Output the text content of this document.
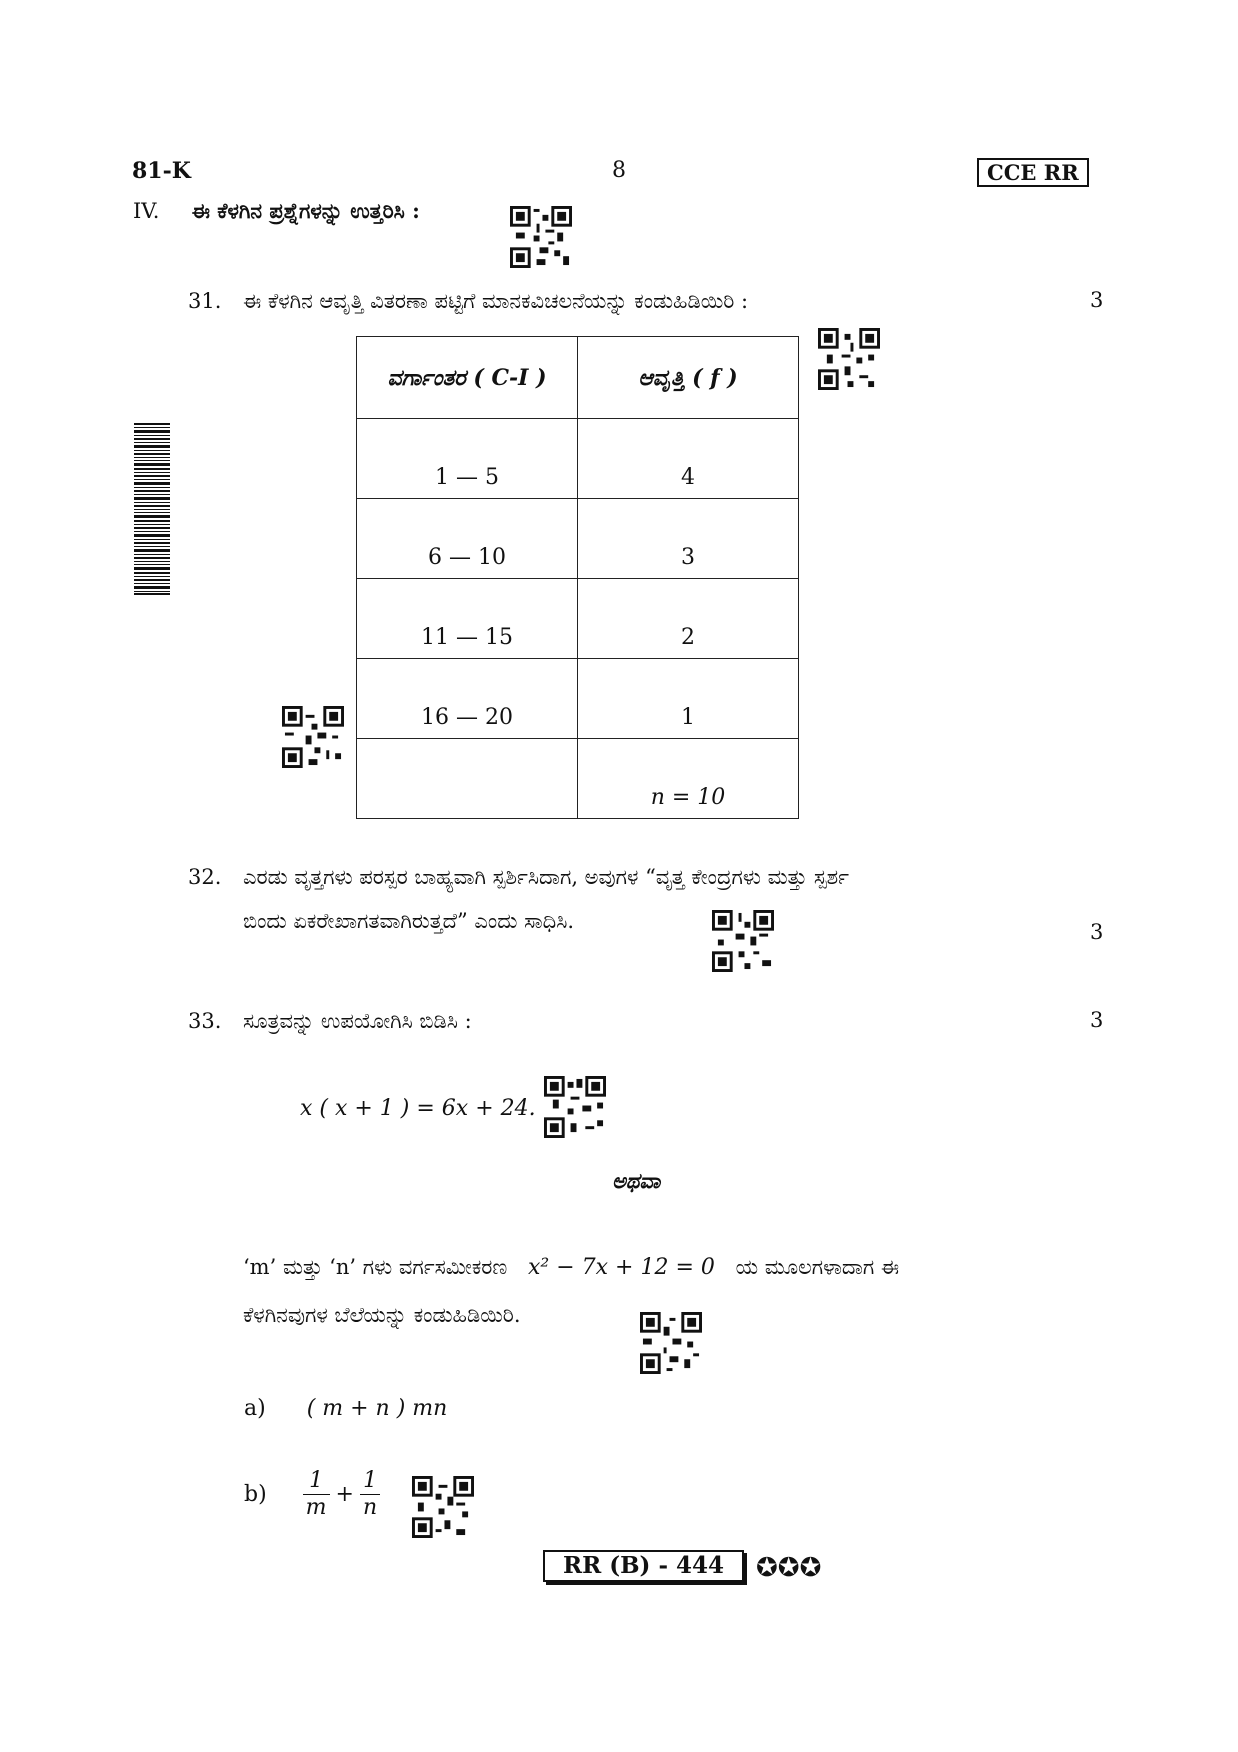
81-K	8	CCE RR
IV. ಈ ಕೆಳಗಿನ ಪ್ರಶ್ನೆಗಳನ್ನು ಉತ್ತರಿಸಿ :
31.	ಈ ಕೆಳಗಿನ ಆವೃತ್ತಿ ವಿತರಣಾ ಪಟ್ಟಿಗೆ ಮಾನಕವಿಚಲನೆಯನ್ನು ಕಂಡುಹಿಡಿಯಿರಿ :	3
ವರ್ಗಾಂತರ ( C-I )	ಆವೃತ್ತಿ ( f )
1 — 5	4
6 — 10	3
11 — 15	2
16 — 20	1
	n = 10
32.	ಎರಡು ವೃತ್ತಗಳು ಪರಸ್ಪರ ಬಾಹ್ಯವಾಗಿ ಸ್ಪರ್ಶಿಸಿದಾಗ, ಅವುಗಳ “ವೃತ್ತ ಕೇಂದ್ರಗಳು ಮತ್ತು ಸ್ಪರ್ಶ
ಬಿಂದು ಏಕರೇಖಾಗತವಾಗಿರುತ್ತದೆ” ಎಂದು ಸಾಧಿಸಿ.	3
33.	ಸೂತ್ರವನ್ನು ಉಪಯೋಗಿಸಿ ಬಿಡಿಸಿ :	3
x ( x + 1 ) = 6x + 24.
ಅಥವಾ
‘m’ ಮತ್ತು ‘n’ ಗಳು ವರ್ಗಸಮೀಕರಣ x² − 7x + 12 = 0 ಯ ಮೂಲಗಳಾದಾಗ ಈ
ಕೆಳಗಿನವುಗಳ ಬೆಲೆಯನ್ನು ಕಂಡುಹಿಡಿಯಿರಿ.
a) ( m + n ) mn
$b) \frac{1}{m} + \frac{1}{n}$
RR (B) - 444	✪✪✪
